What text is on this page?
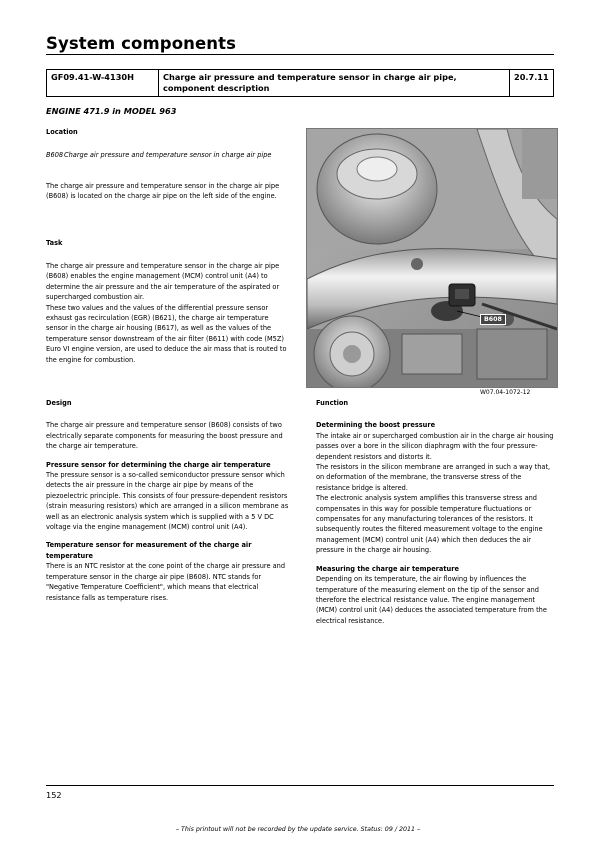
System components
GF09.41-W-4130H	Charge air pressure and temperature sensor in charge air pipe, component description	20.7.11
ENGINE 471.9 in MODEL 963
Location
B608 Charge air pressure and temperature sensor in charge air pipe

The charge air pressure and temperature sensor in the charge air pipe (B608) is located on the charge air pipe on the left side of the engine.

Task

The charge air pressure and temperature sensor in the charge air pipe (B608) enables the engine management (MCM) control unit (A4) to determine the air pressure and the air temperature of the aspirated or supercharged combustion air.

These two values and the values of the differential pressure sensor exhaust gas recirculation (EGR) (B621), the charge air temperature sensor in the charge air housing (B617), as well as the values of the temperature sensor downstream of the air filter (B611) with code (M5Z) Euro VI engine version, are used to deduce the air mass that is routed to the engine for combustion.

B608
W07.04-1072-12

Design

The charge air pressure and temperature sensor (B608) consists of two electrically separate components for measuring the boost pressure and the charge air temperature.

Pressure sensor for determining the charge air temperature

The pressure sensor is a so-called semiconductor pressure sensor which detects the air pressure in the charge air pipe by means of the piezoelectric principle. This consists of four pressure-dependent resistors (strain measuring resistors) which are arranged in a silicon membrane as well as an electronic analysis system which is supplied with a 5 V DC voltage via the engine management (MCM) control unit (A4).

Temperature sensor for measurement of the charge air temperature

There is an NTC resistor at the cone point of the charge air pressure and temperature sensor in the charge air pipe (B608). NTC stands for "Negative Temperature Coefficient", which means that electrical resistance falls as temperature rises.

Function

Determining the boost pressure

The intake air or supercharged combustion air in the charge air housing passes over a bore in the silicon diaphragm with the four pressure-dependent resistors and distorts it.

The resistors in the silicon membrane are arranged in such a way that, on deformation of the membrane, the transverse stress of the resistance bridge is altered.

The electronic analysis system amplifies this transverse stress and compensates in this way for possible temperature fluctuations or compensates for any manufacturing tolerances of the resistors. It subsequently routes the filtered measurement voltage to the engine management (MCM) control unit (A4) which then deduces the air pressure in the charge air housing.

Measuring the charge air temperature

Depending on its temperature, the air flowing by influences the temperature of the measuring element on the tip of the sensor and therefore the electrical resistance value. The engine management (MCM) control unit (A4) deduces the associated temperature from the electrical resistance.

152
– This printout will not be recorded by the update service. Status: 09 / 2011 –
